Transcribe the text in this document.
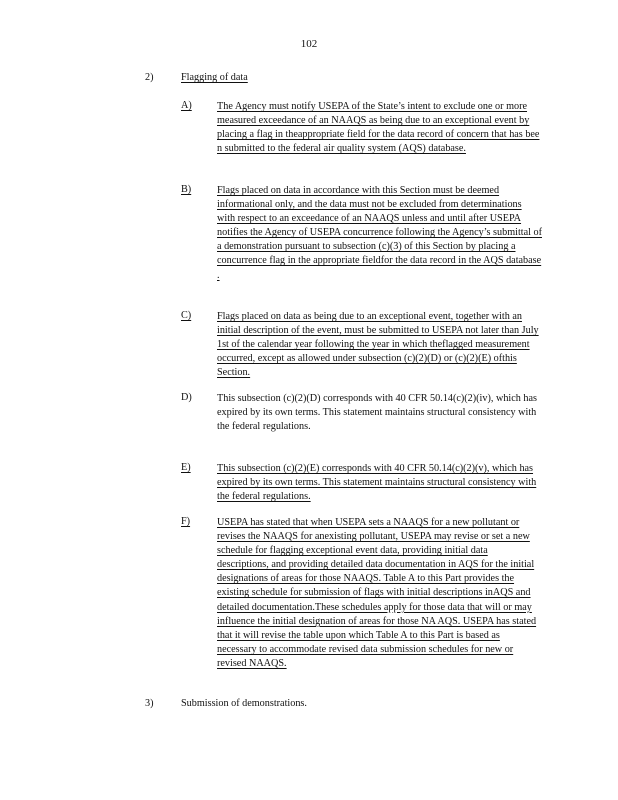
102
2)	Flagging of data
A) The Agency must notify USEPA of the State’s intent to exclude one or more measured exceedance of an NAAQS as being due to an exceptional event by placing a flag in theappropriate field for the data record of concern that has bee n submitted to the federal air quality system (AQS) database.

B)	Flags placed on data in accordance with this Section must be deemed informational only, and the data must not be excluded from determinations with respect to an exceedance of an NAAQS unless and until after USEPA notifies the Agency of USEPA concurrence following the Agency’s submittal of a demonstration pursuant to subsection (c)(3) of this Section by placing a concurrence flag in the appropriate fieldfor the data record in the AQS database .

C)	Flags placed on data as being due to an exceptional event, together with an initial description of the event, must be submitted to USEPA not later than July 1st of the calendar year following the year in which theflagged measurement occurred, except as allowed under subsection (c)(2)(D) or (c)(2)(E) ofthis Section.

D) This subsection (c)(2)(D) corresponds with 40 CFR 50.14(c)(2)(iv), which has expired by its own terms. This statement maintains structural consistency with the federal regulations.

E)	This subsection (c)(2)(E) corresponds with 40 CFR 50.14(c)(2)(v), which has expired by its own terms. This statement maintains structural consistency with the federal regulations.

F)	USEPA has stated that when USEPA sets a NAAQS for a new pollutant or revises the NAAQS for anexisting pollutant, USEPA may revise or set a new schedule for flagging exceptional event data, providing initial data descriptions, and providing detailed data documentation in AQS for the initial designations of areas for those NAAQS. Table A to this Part provides the existing schedule for submission of flags with initial descriptions inAQS and detailed documentation.These schedules apply for those data that will or may influence the initial designation of areas for those NA AQS. USEPA has stated that it will revise the table upon which Table A to this Part is based as necessary to accommodate revised data submission schedules for new or revised NAAQS.

3)	Submission of demonstrations.
